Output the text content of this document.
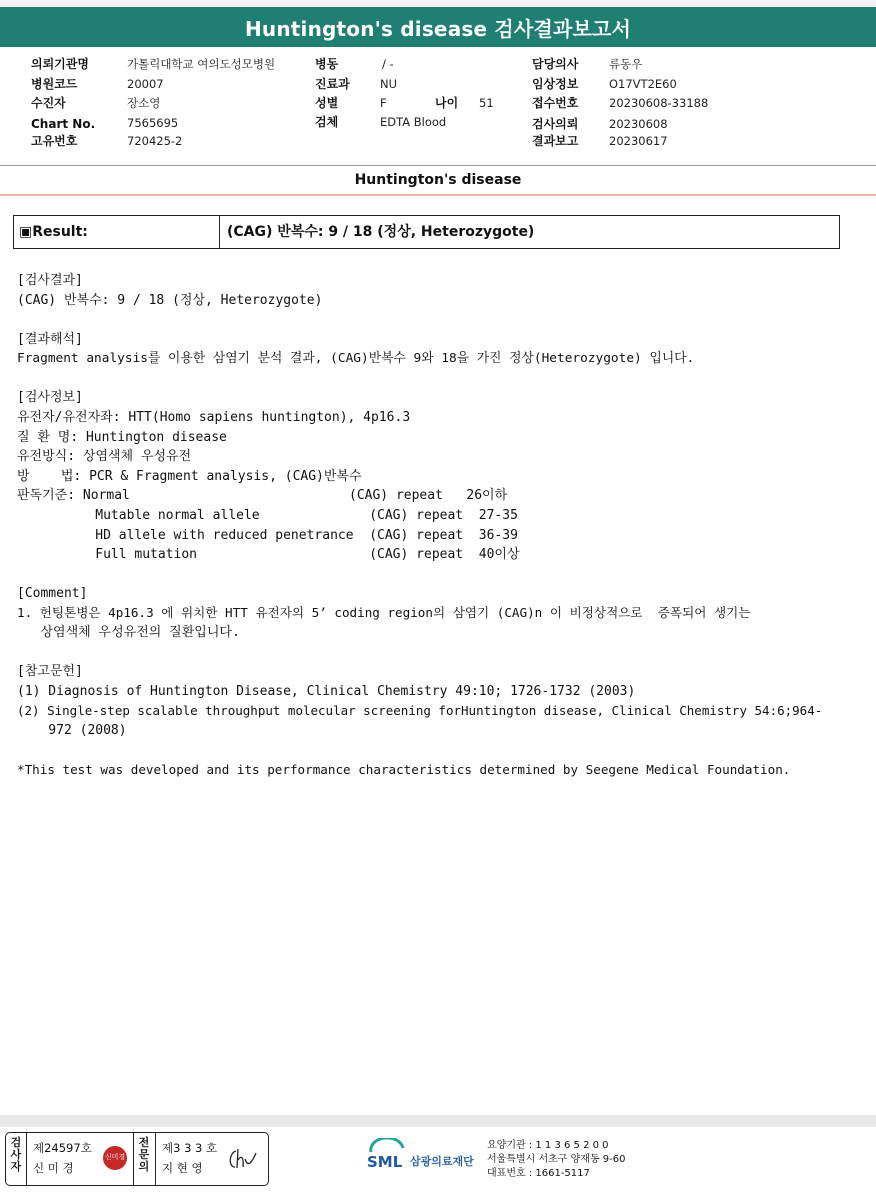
Huntington's disease 검사결과보고서
의뢰기관명	가톨릭대학교 여의도성모병원
병원코드	20007
수진자	장소영
Chart No.	7565695
고유번호	720425-2
병동	/ -
진료과	NU
성별	F	나이 51
검체	EDTA Blood
담당의사	류동우
임상정보	O17VT2E60
접수번호	20230608-33188
검사의뢰	20230608
결과보고	20230617
Huntington's disease
▣Result:	(CAG) 반복수: 9 / 18 (정상, Heterozygote)
[검사결과]
(CAG) 반복수: 9 / 18 (정상, Heterozygote)
[결과해석]
Fragment analysis를 이용한 삼염기 분석 결과, (CAG)반복수 9와 18을 가진 정상(Heterozygote) 입니다.
[검사정보]
유전자/유전자좌: HTT(Homo sapiens huntington), 4p16.3
질 환 명: Huntington disease
유전방식: 상염색체 우성유전
방    법: PCR & Fragment analysis, (CAG)반복수
판독기준: Normal                            (CAG) repeat   26이하
Mutable normal allele              (CAG) repeat  27-35
HD allele with reduced penetrance  (CAG) repeat  36-39
Full mutation                      (CAG) repeat  40이상
[Comment]
1. 헌팅톤병은 4p16.3 에 위치한 HTT 유전자의 5’ coding region의 삼염기 (CAG)n 이 비정상적으로  증폭되어 생기는
상염색체 우성유전의 질환입니다.
[참고문헌]
(1) Diagnosis of Huntington Disease, Clinical Chemistry 49:10; 1726-1732 (2003)
(2) Single-step scalable throughput molecular screening forHuntington disease, Clinical Chemistry 54:6;964-
972 (2008)
*This test was developed and its performance characteristics determined by Seegene Medical Foundation.
검사자
제24597호
신 미 경
신미경
전문의
제3 3 3 호
지 현 영	SML 삼광의료재단
요양기관 : 1 1 3 6 5 2 0 0
서울특별시 서초구 양재동 9-60
대표번호 : 1661-5117
